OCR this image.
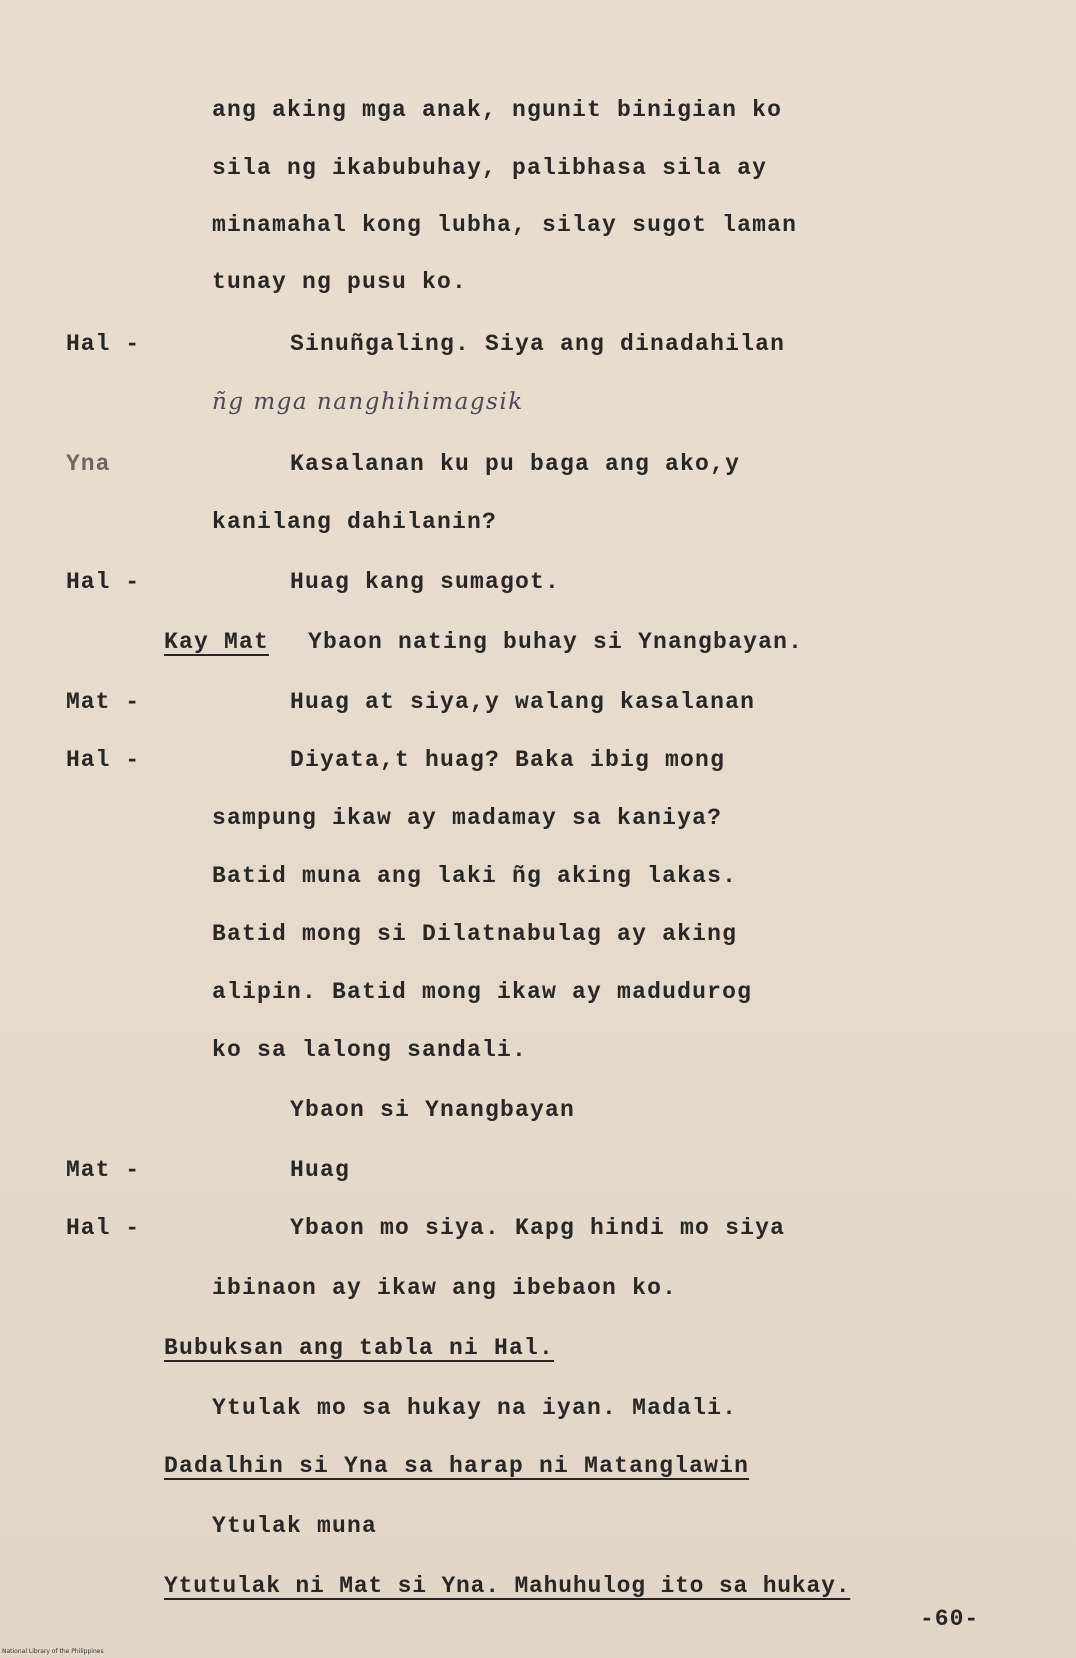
ang aking mga anak, ngunit binigian ko
sila ng ikabubuhay, palibhasa sila ay
minamahal kong lubha, silay sugot laman
tunay ng pusu ko.
Hal -	Sinuñgaling. Siya ang dinadahilan
ñg mga nanghihimagsik
Yna	Kasalanan ku pu baga ang ako,y
kanilang dahilanin?
Hal -	Huag kang sumagot.
Kay Mat Ybaon nating buhay si Ynangbayan.
Mat -	Huag at siya,y walang kasalanan
Hal -	Diyata,t huag? Baka ibig mong
sampung ikaw ay madamay sa kaniya?
Batid muna ang laki ñg aking lakas.
Batid mong si Dilatnabulag ay aking
alipin. Batid mong ikaw ay madudurog
ko sa lalong sandali.
Ybaon si Ynangbayan
Mat -	Huag
Hal -	Ybaon mo siya. Kapg hindi mo siya
ibinaon ay ikaw ang ibebaon ko.
Bubuksan ang tabla ni Hal.
Ytulak mo sa hukay na iyan. Madali.
Dadalhin si Yna sa harap ni Matanglawin
Ytulak muna
Ytutulak ni Mat si Yna. Mahuhulog ito sa hukay.
-60-
National Library of the Philippines
